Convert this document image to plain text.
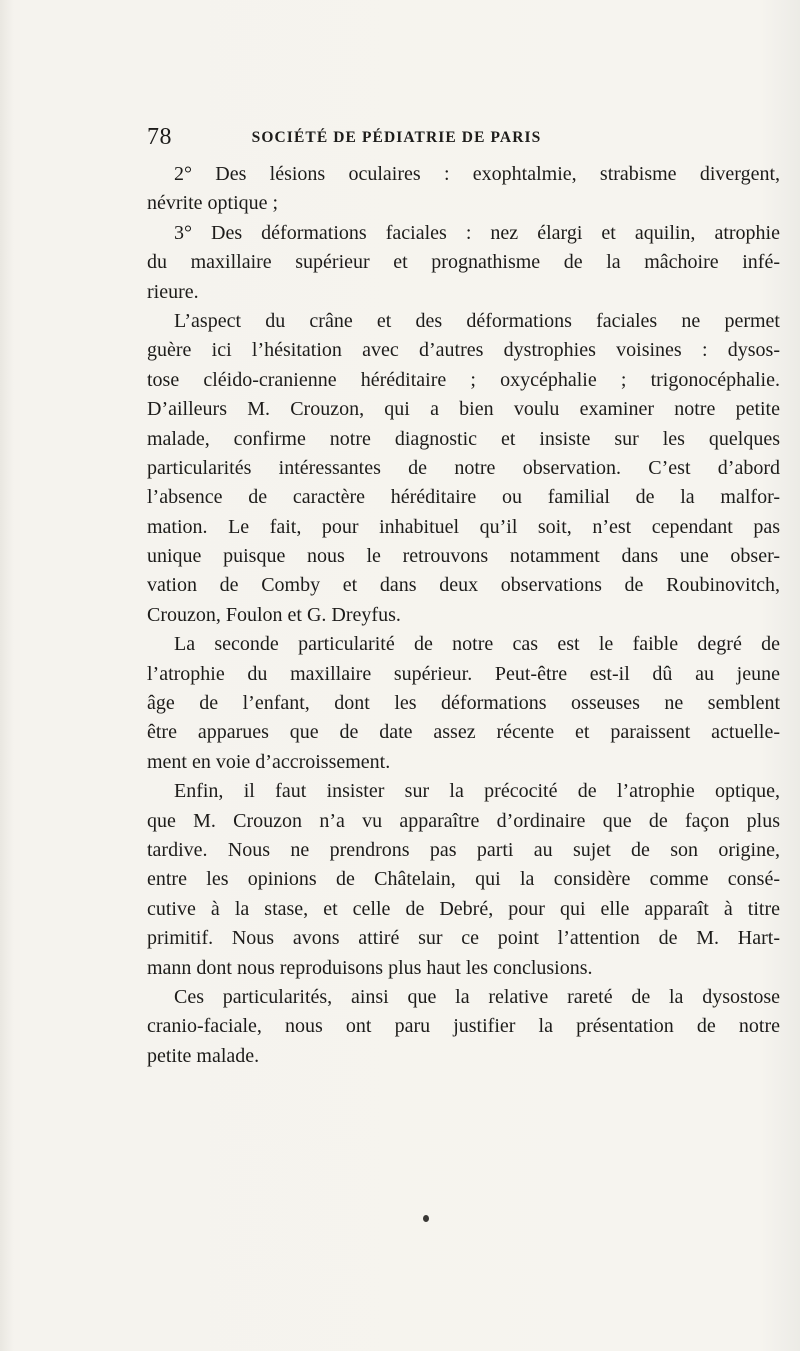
78	SOCIÉTÉ DE PÉDIATRIE DE PARIS
2° Des lésions oculaires : exophtalmie, strabisme divergent,
névrite optique ;
3° Des déformations faciales : nez élargi et aquilin, atrophie
du maxillaire supérieur et prognathisme de la mâchoire infé-
rieure.
L’aspect du crâne et des déformations faciales ne permet
guère ici l’hésitation avec d’autres dystrophies voisines : dysos-
tose cléido-cranienne héréditaire ; oxycéphalie ; trigonocéphalie.
D’ailleurs M. Crouzon, qui a bien voulu examiner notre petite
malade, confirme notre diagnostic et insiste sur les quelques
particularités intéressantes de notre observation. C’est d’abord
l’absence de caractère héréditaire ou familial de la malfor-
mation. Le fait, pour inhabituel qu’il soit, n’est cependant pas
unique puisque nous le retrouvons notamment dans une obser-
vation de Comby et dans deux observations de Roubinovitch,
Crouzon, Foulon et G. Dreyfus.
La seconde particularité de notre cas est le faible degré de
l’atrophie du maxillaire supérieur. Peut-être est-il dû au jeune
âge de l’enfant, dont les déformations osseuses ne semblent
être apparues que de date assez récente et paraissent actuelle-
ment en voie d’accroissement.
Enfin, il faut insister sur la précocité de l’atrophie optique,
que M. Crouzon n’a vu apparaître d’ordinaire que de façon plus
tardive. Nous ne prendrons pas parti au sujet de son origine,
entre les opinions de Châtelain, qui la considère comme consé-
cutive à la stase, et celle de Debré, pour qui elle apparaît à titre
primitif. Nous avons attiré sur ce point l’attention de M. Hart-
mann dont nous reproduisons plus haut les conclusions.
Ces particularités, ainsi que la relative rareté de la dysostose
cranio-faciale, nous ont paru justifier la présentation de notre
petite malade.
